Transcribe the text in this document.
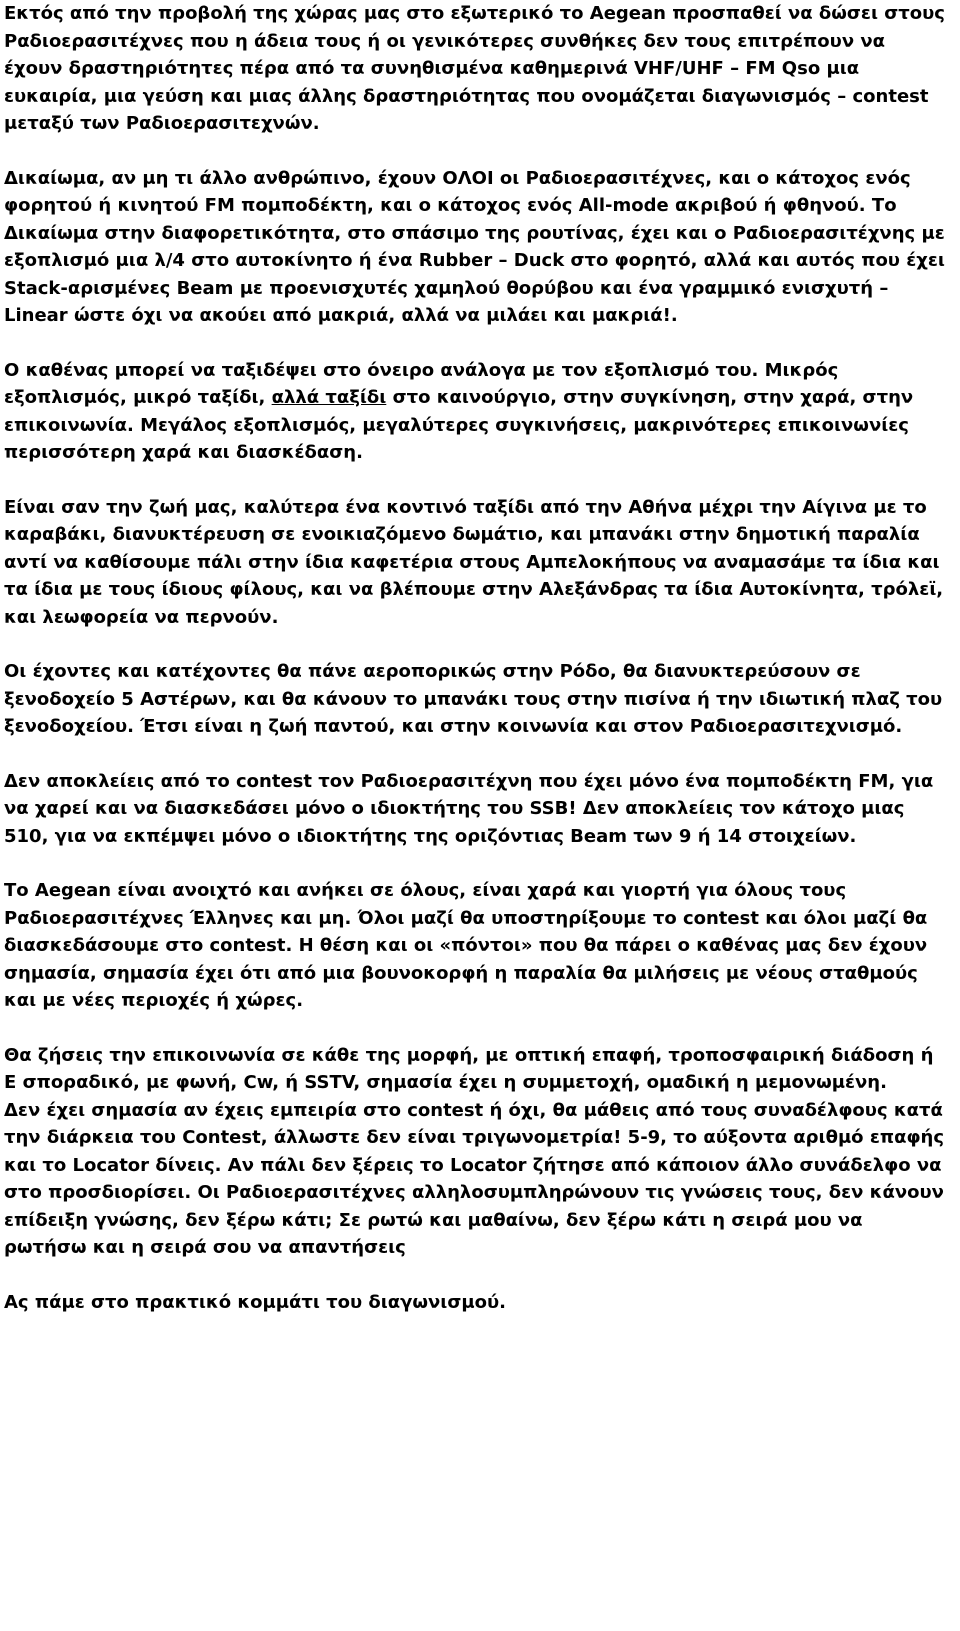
Εκτός από την προβολή της χώρας μας στο εξωτερικό το Aegean προσπαθεί να δώσει στους Ραδιοερασιτέχνες που η άδεια τους ή οι γενικότερες συνθήκες δεν τους επιτρέπουν να έχουν δραστηριότητες πέρα από τα συνηθισμένα καθημερινά VHF/UHF – FM Qso μια ευκαιρία, μια γεύση και μιας άλλης δραστηριότητας που ονομάζεται διαγωνισμός – contest μεταξύ των Ραδιοερασιτεχνών.

Δικαίωμα, αν μη τι άλλο ανθρώπινο, έχουν ΟΛΟΙ οι Ραδιοερασιτέχνες, και ο κάτοχος ενός φορητού ή κινητού FM πομποδέκτη, και ο κάτοχος ενός All-mode ακριβού ή φθηνού. Το Δικαίωμα στην διαφορετικότητα, στο σπάσιμο της ρουτίνας, έχει και ο Ραδιοερασιτέχνης με εξοπλισμό μια λ/4 στο αυτοκίνητο ή ένα Rubber – Duck στο φορητό, αλλά και αυτός που έχει Stack-αρισμένες Beam με προενισχυτές χαμηλού θορύβου και ένα γραμμικό ενισχυτή – Linear ώστε όχι να ακούει από μακριά, αλλά να μιλάει και μακριά!.

Ο καθένας μπορεί να ταξιδέψει στο όνειρο ανάλογα με τον εξοπλισμό του. Μικρός εξοπλισμός, μικρό ταξίδι, αλλά ταξίδι στο καινούργιο, στην συγκίνηση, στην χαρά, στην επικοινωνία. Μεγάλος εξοπλισμός, μεγαλύτερες συγκινήσεις, μακρινότερες επικοινωνίες περισσότερη χαρά και διασκέδαση.

Είναι σαν την ζωή μας, καλύτερα ένα κοντινό ταξίδι από την Αθήνα μέχρι την Αίγινα με το καραβάκι, διανυκτέρευση σε ενοικιαζόμενο δωμάτιο, και μπανάκι στην δημοτική παραλία αντί να καθίσουμε πάλι στην ίδια καφετέρια στους Αμπελοκήπους να αναμασάμε τα ίδια και τα ίδια με τους ίδιους φίλους, και να βλέπουμε στην Αλεξάνδρας τα ίδια Αυτοκίνητα, τρόλεϊ, και λεωφορεία να περνούν.

Οι έχοντες και κατέχοντες θα πάνε αεροπορικώς στην Ρόδο, θα διανυκτερεύσουν σε ξενοδοχείο 5 Αστέρων, και θα κάνουν το μπανάκι τους στην πισίνα ή την ιδιωτική πλαζ του ξενοδοχείου. Έτσι είναι η ζωή παντού, και στην κοινωνία και στον Ραδιοερασιτεχνισμό.

Δεν αποκλείεις από το contest τον Ραδιοερασιτέχνη που έχει μόνο ένα πομποδέκτη FM, για να χαρεί και να διασκεδάσει μόνο ο ιδιοκτήτης του SSB! Δεν αποκλείεις τον κάτοχο μιας 510, για να εκπέμψει μόνο ο ιδιοκτήτης της οριζόντιας Beam των 9 ή 14 στοιχείων.

Το Aegean είναι ανοιχτό και ανήκει σε όλους, είναι χαρά και γιορτή για όλους τους Ραδιοερασιτέχνες Έλληνες και μη. Όλοι μαζί θα υποστηρίξουμε το contest και όλοι μαζί θα διασκεδάσουμε στο contest. Η θέση και οι «πόντοι» που θα πάρει ο καθένας μας δεν έχουν σημασία, σημασία έχει ότι από μια βουνοκορφή η παραλία θα μιλήσεις με νέους σταθμούς και με νέες περιοχές ή χώρες.

Θα ζήσεις την επικοινωνία σε κάθε της μορφή, με οπτική επαφή, τροποσφαιρική διάδοση ή E σποραδικό, με φωνή, Cw, ή SSTV, σημασία έχει η συμμετοχή, ομαδική η μεμονωμένη.

Δεν έχει σημασία αν έχεις εμπειρία στο contest ή όχι, θα μάθεις από τους συναδέλφους κατά την διάρκεια του Contest, άλλωστε δεν είναι τριγωνομετρία! 5-9, το αύξοντα αριθμό επαφής και το Locator δίνεις. Αν πάλι δεν ξέρεις το Locator ζήτησε από κάποιον άλλο συνάδελφο να στο προσδιορίσει. Οι Ραδιοερασιτέχνες αλληλοσυμπληρώνουν τις γνώσεις τους, δεν κάνουν επίδειξη γνώσης, δεν ξέρω κάτι; Σε ρωτώ και μαθαίνω, δεν ξέρω κάτι η σειρά μου να ρωτήσω και η σειρά σου να απαντήσεις

Ας πάμε στο πρακτικό κομμάτι του διαγωνισμού.
